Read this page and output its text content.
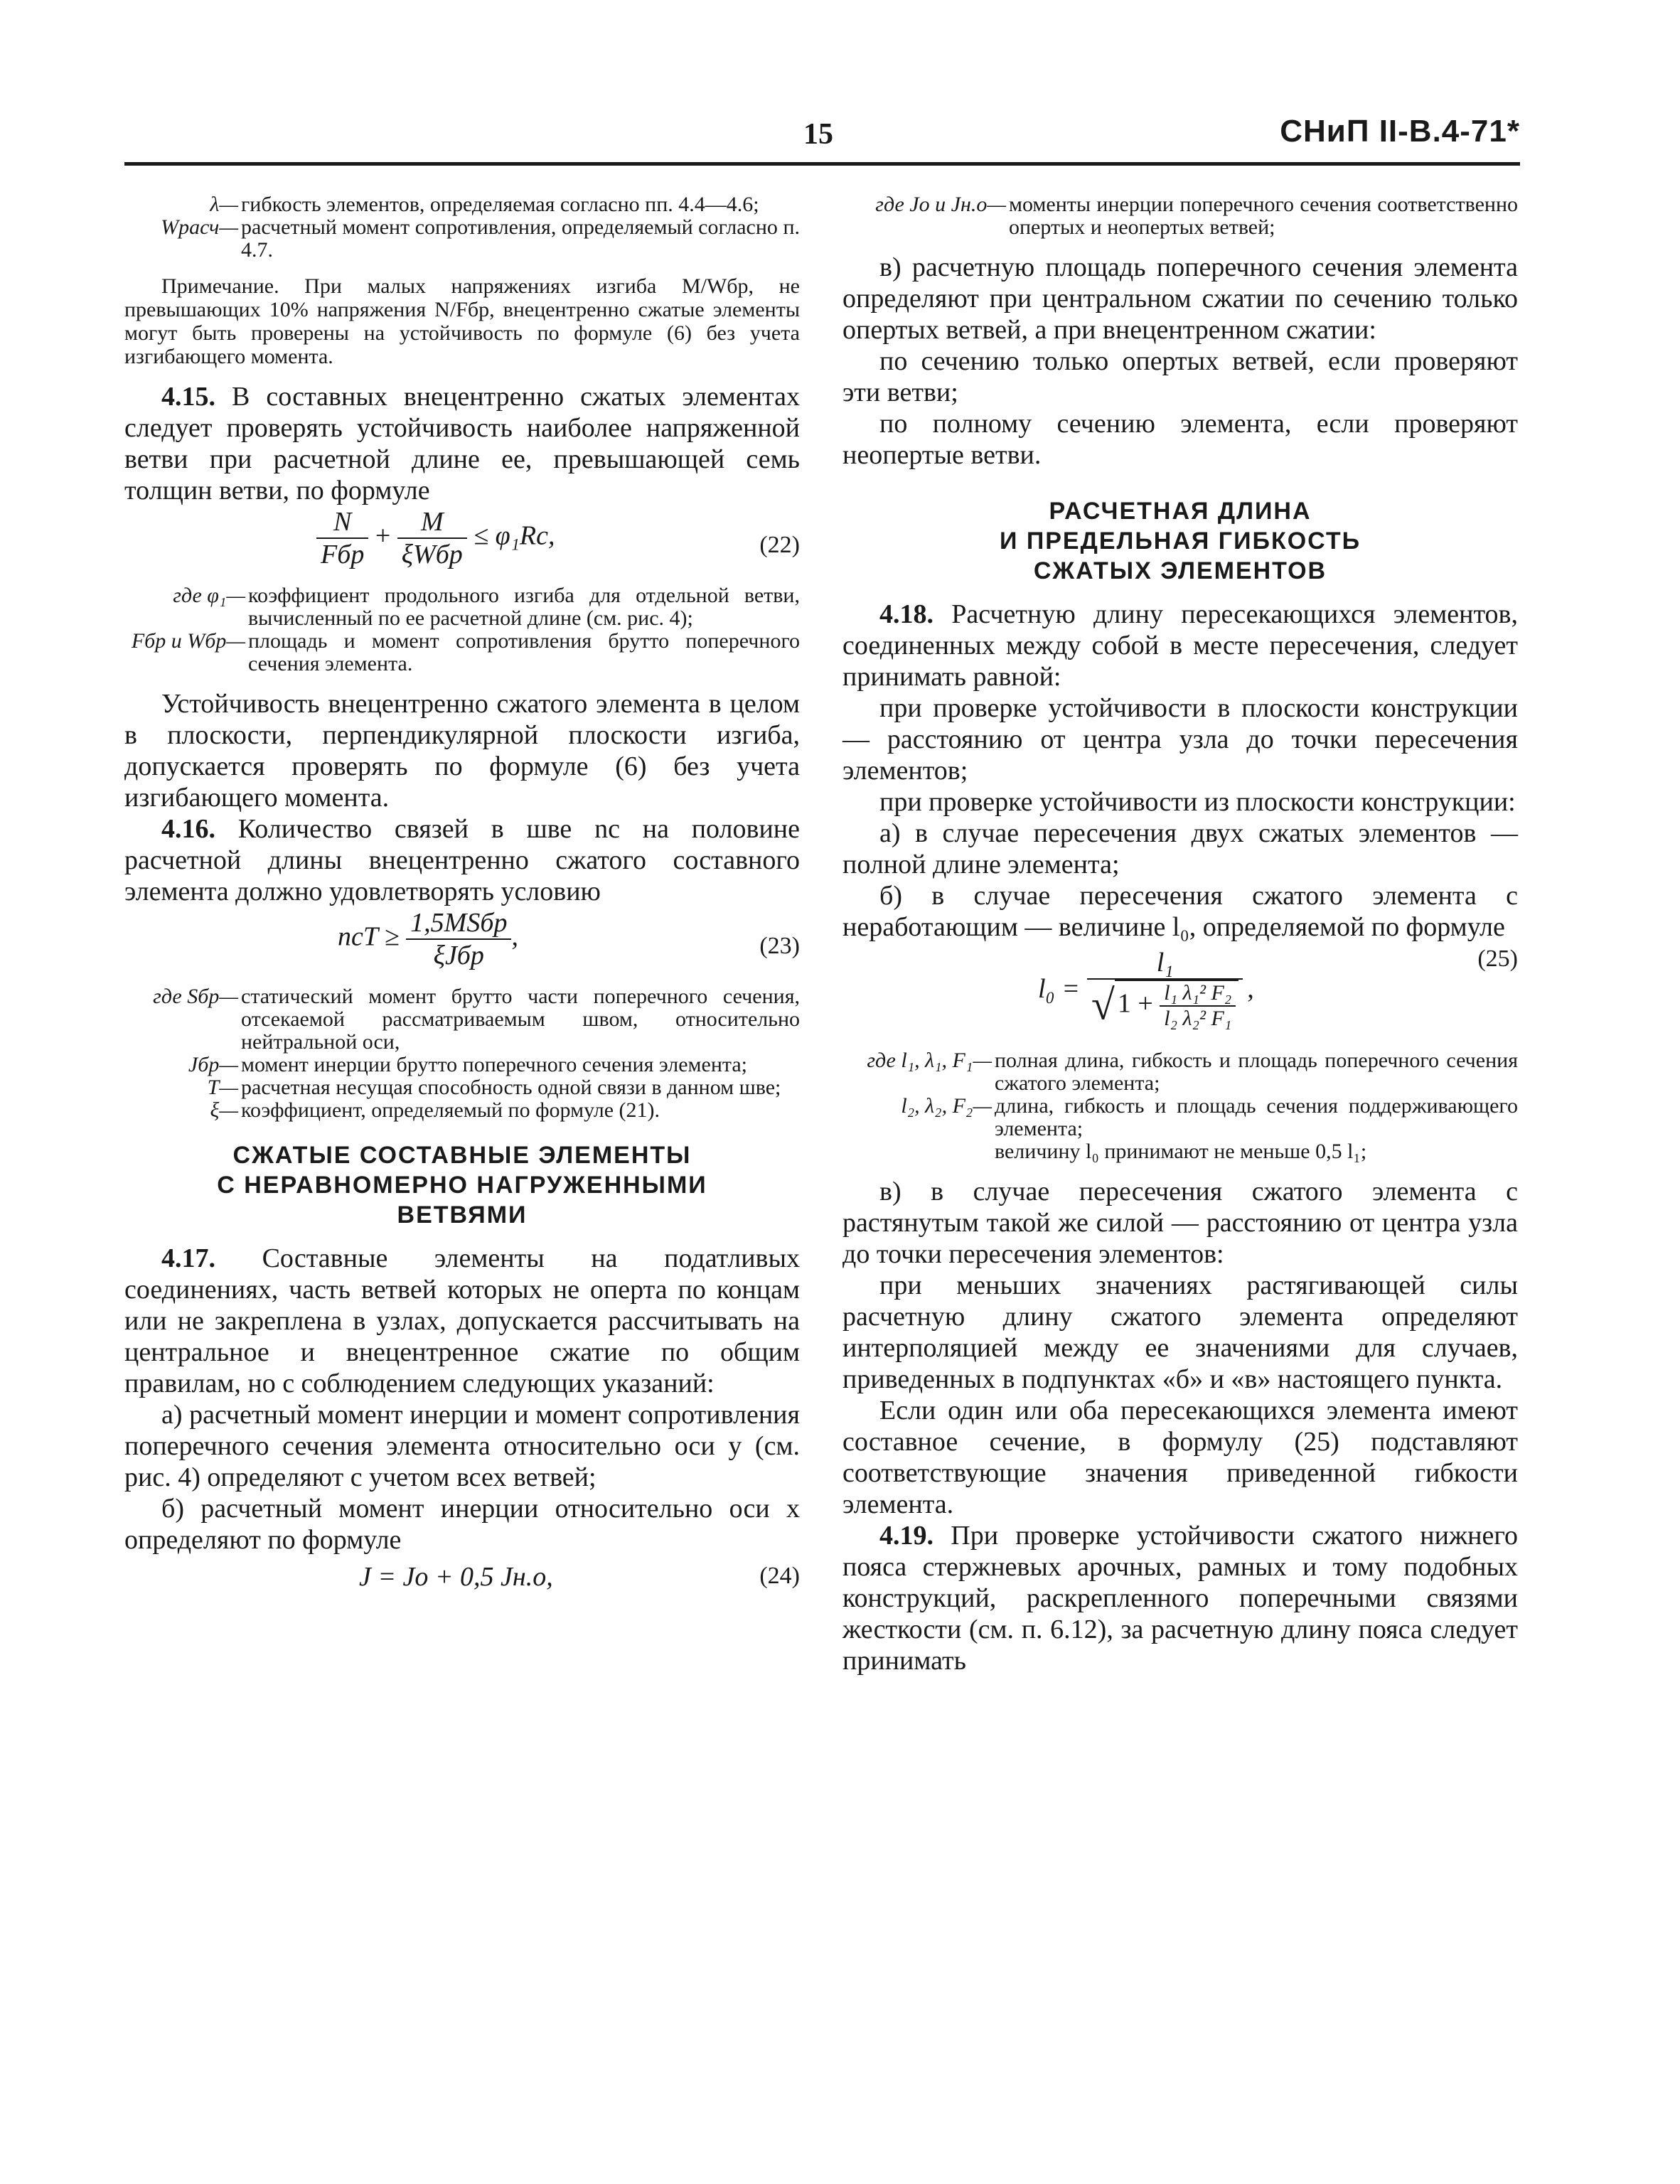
15	СНиП II-В.4-71*
λ—	гибкость элементов, определяемая согласно пп. 4.4—4.6;
Wрасч—	расчетный момент сопротивления, определяемый согласно п. 4.7.

Примечание. При малых напряжениях изгиба M/Wбр, не превышающих 10% напряжения N/Fбр, внецентренно сжатые элементы могут быть проверены на устойчивость по формуле (6) без учета изгибающего момента.

4.15. В составных внецентренно сжатых элементах следует проверять устойчивость наиболее напряженной ветви при расчетной длине ее, превышающей семь толщин ветви, по формуле

$\frac{N}{\text{Fбр}} + \frac{M}{\text{ξWбр}} \le \varphi_1Rc$,	(22)
где φ₁—	коэффициент продольного изгиба для отдельной ветви, вычисленный по ее расчетной длине (см. рис. 4);
Fбр и Wбр—	площадь и момент сопротивления брутто поперечного сечения элемента.

Устойчивость внецентренно сжатого элемента в целом в плоскости, перпендикулярной плоскости изгиба, допускается проверять по формуле (6) без учета изгибающего момента.

4.16. Количество связей в шве nc на половине расчетной длины внецентренно сжатого составного элемента должно удовлетворять условию

ncT ≥ $\frac{\text{1,5MSбр}}{\text{ξJбр}}$ ,	(23)
где Sбр—	статический момент брутто части поперечного сечения, отсекаемой рассматриваемым швом, относительно нейтральной оси,
Jбр—	момент инерции брутто поперечного сечения элемента;
T—	расчетная несущая способность одной связи в данном шве;
ξ—	коэффициент, определяемый по формуле (21).
СЖАТЫЕ СОСТАВНЫЕ ЭЛЕМЕНТЫ
С НЕРАВНОМЕРНО НАГРУЖЕННЫМИ
ВЕТВЯМИ

4.17. Составные элементы на податливых соединениях, часть ветвей которых не оперта по концам или не закреплена в узлах, допускается рассчитывать на центральное и внецентренное сжатие по общим правилам, но с соблюдением следующих указаний:

а) расчетный момент инерции и момент сопротивления поперечного сечения элемента относительно оси y (см. рис. 4) определяют с учетом всех ветвей;

б) расчетный момент инерции относительно оси x определяют по формуле

J = Jo + 0,5 Jн.о,	(24)
где Jo и Jн.о—	моменты инерции поперечного сечения соответственно опертых и неопертых ветвей;

в) расчетную площадь поперечного сечения элемента определяют при центральном сжатии по сечению только опертых ветвей, а при внецентренном сжатии:

по сечению только опертых ветвей, если проверяют эти ветви;

по полному сечению элемента, если проверяют неопертые ветви.

РАСЧЕТНАЯ ДЛИНА
И ПРЕДЕЛЬНАЯ ГИБКОСТЬ
СЖАТЫХ ЭЛЕМЕНТОВ

4.18. Расчетную длину пересекающихся элементов, соединенных между собой в месте пересечения, следует принимать равной:

при проверке устойчивости в плоскости конструкции — расстоянию от центра узла до точки пересечения элементов;

при проверке устойчивости из плоскости конструкции:

а) в случае пересечения двух сжатых элементов — полной длине элемента;

б) в случае пересечения сжатого элемента с неработающим — величине l₀, определяемой по формуле

$l_0 = \frac{\text{l₁}}{√ 1 + \frac{\text{l₁ λ₁² F₂}}{\text{l₂ λ₂² F₁}}}$ ,
(25)
где l₁, λ₁, F₁—	полная длина, гибкость и площадь поперечного сечения сжатого элемента;
l₂, λ₂, F₂—	длина, гибкость и площадь сечения поддерживающего элемента;
	величину l₀ принимают не меньше 0,5 l₁;

в) в случае пересечения сжатого элемента с растянутым такой же силой — расстоянию от центра узла до точки пересечения элементов:

при меньших значениях растягивающей силы расчетную длину сжатого элемента определяют интерполяцией между ее значениями для случаев, приведенных в подпунктах «б» и «в» настоящего пункта.

Если один или оба пересекающихся элемента имеют составное сечение, в формулу (25) подставляют соответствующие значения приведенной гибкости элемента.

4.19. При проверке устойчивости сжатого нижнего пояса стержневых арочных, рамных и тому подобных конструкций, раскрепленного поперечными связями жесткости (см. п. 6.12), за расчетную длину пояса следует принимать
